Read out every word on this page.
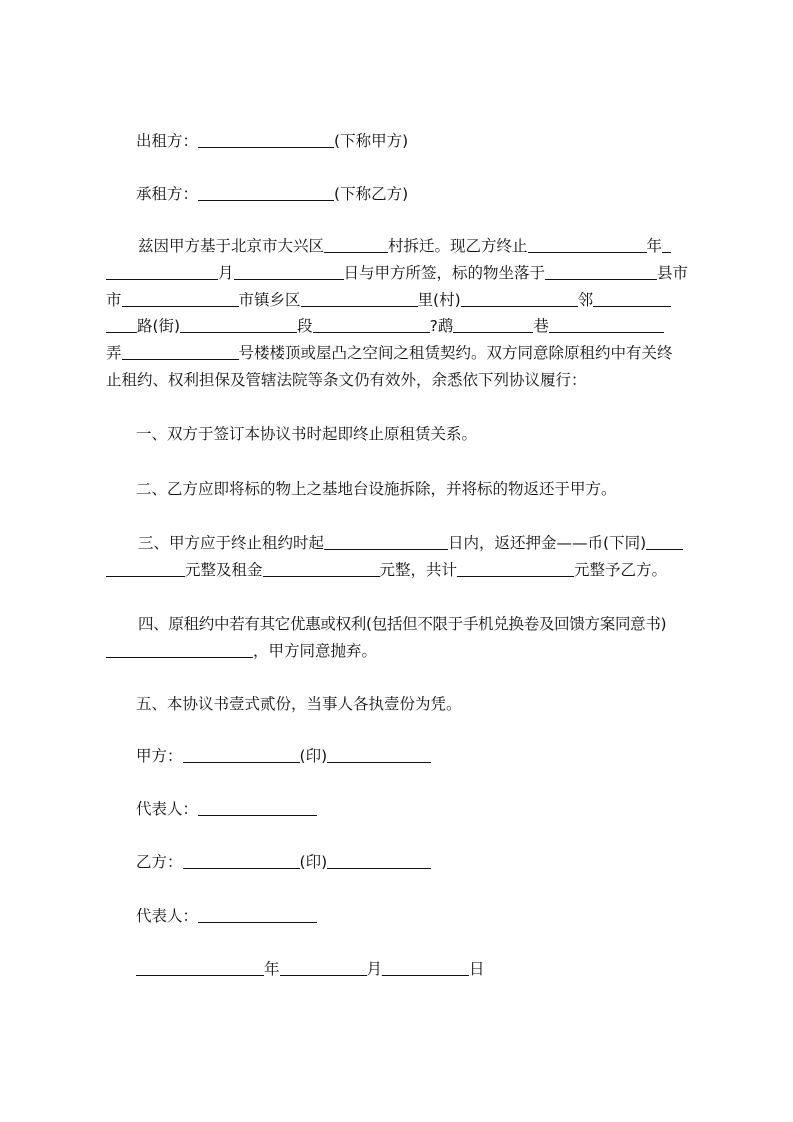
出租方：	(下称甲方)
承租方：	(下称乙方)
兹因甲方基于北京市大兴区	村拆迁。现乙方终止	年
月	日与甲方所签，标的物坐落于	县市
市	市镇乡区	里(村)	邻
路(街)	段	?鹉	巷
弄	号楼楼顶或屋凸之空间之租赁契约。双方同意除原租约中有关终
止租约、权利担保及管辖法院等条文仍有效外，余悉依下列协议履行：
一、双方于签订本协议书时起即终止原租赁关系。
二、乙方应即将标的物上之基地台设施拆除，并将标的物返还于甲方。
三、甲方应于终止租约时起	日内，返还押金——币(下同)
元整及租金	元整，共计	元整予乙方。
四、原租约中若有其它优惠或权利(包括但不限于手机兑换卷及回馈方案同意书)
，甲方同意抛弃。
五、本协议书壹式贰份，当事人各执壹份为凭。
甲方：	(印)
代表人：
乙方：	(印)
代表人：
年	月	日
